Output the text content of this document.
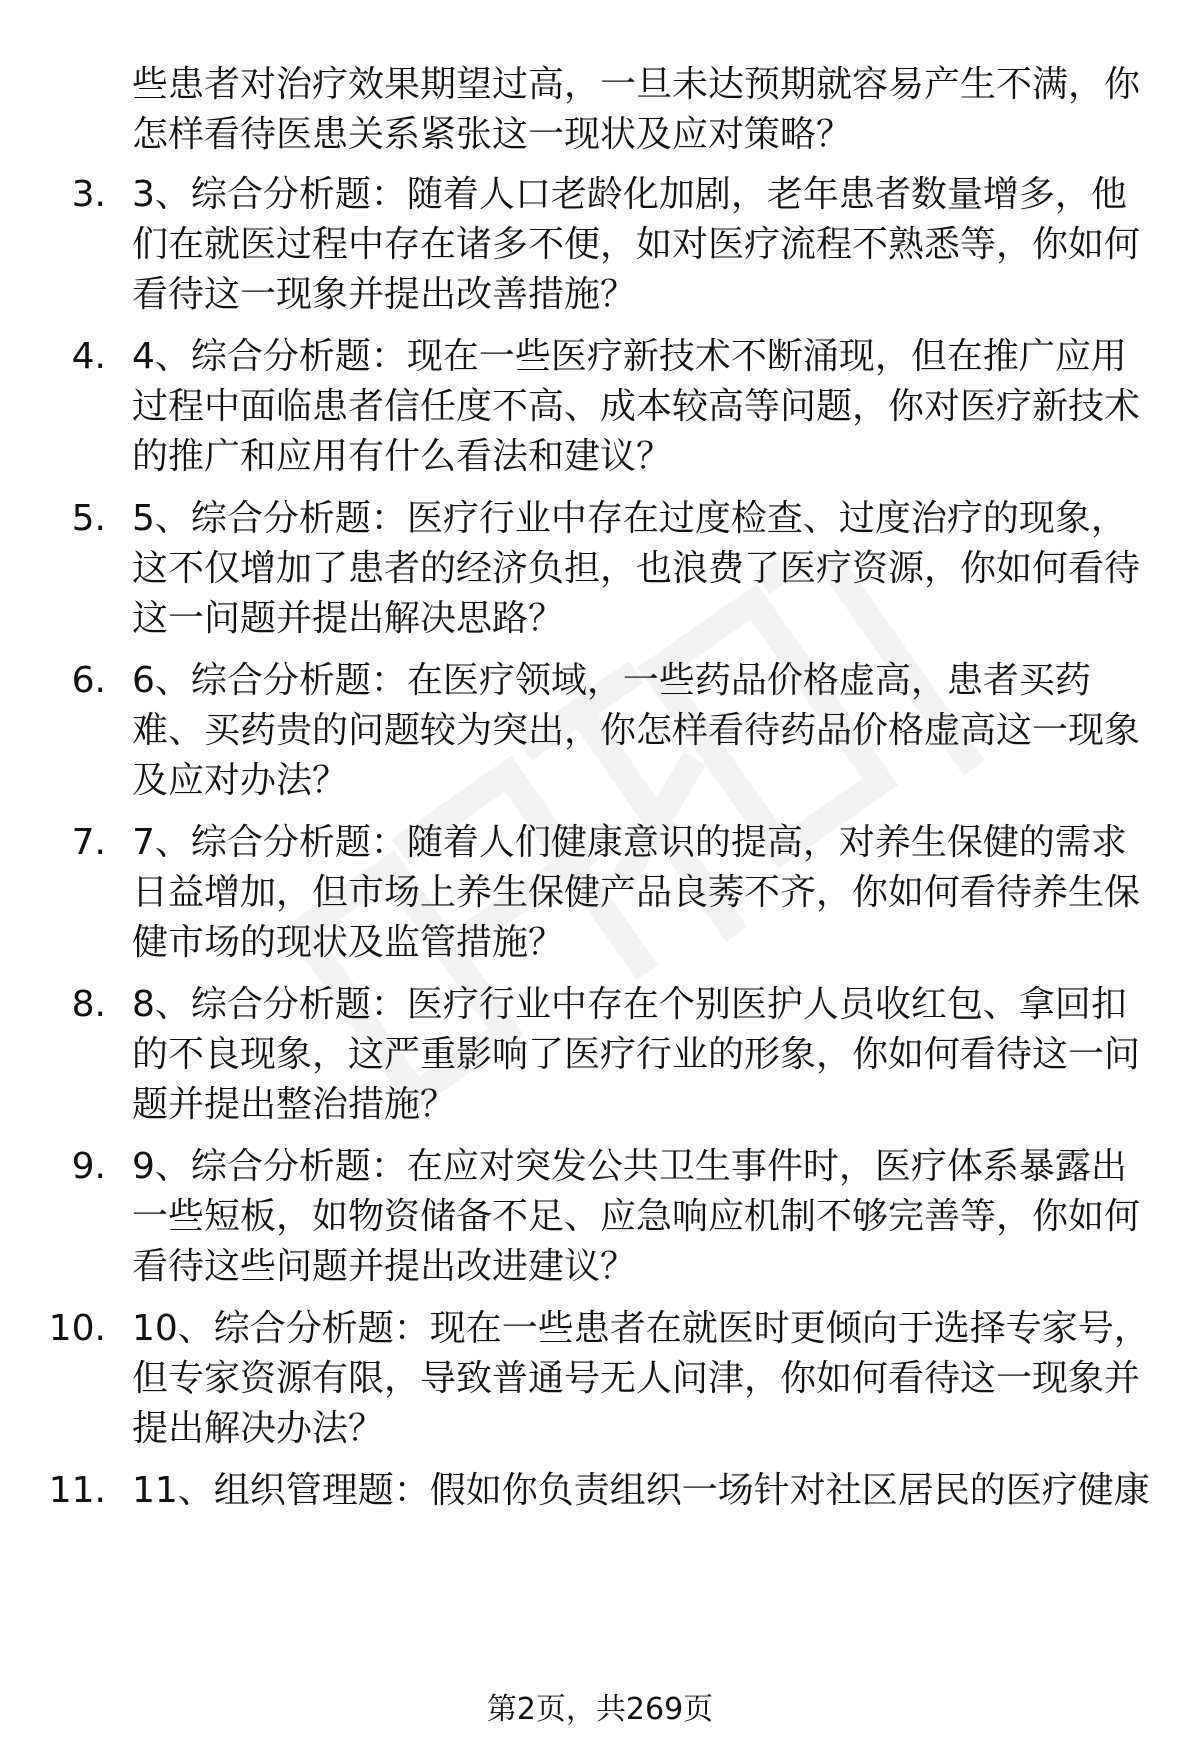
些患者对治疗效果期望过高，一旦未达预期就容易产生不满，你怎样看待医患关系紧张这一现状及应对策略？

3. 3、综合分析题：随着人口老龄化加剧，老年患者数量增多，他们在就医过程中存在诸多不便，如对医疗流程不熟悉等，你如何看待这一现象并提出改善措施？

4. 4、综合分析题：现在一些医疗新技术不断涌现，但在推广应用过程中面临患者信任度不高、成本较高等问题，你对医疗新技术的推广和应用有什么看法和建议？

5. 5、综合分析题：医疗行业中存在过度检查、过度治疗的现象，这不仅增加了患者的经济负担，也浪费了医疗资源，你如何看待这一问题并提出解决思路？

6. 6、综合分析题：在医疗领域，一些药品价格虚高，患者买药难、买药贵的问题较为突出，你怎样看待药品价格虚高这一现象及应对办法？

7. 7、综合分析题：随着人们健康意识的提高，对养生保健的需求日益增加，但市场上养生保健产品良莠不齐，你如何看待养生保健市场的现状及监管措施？

8. 8、综合分析题：医疗行业中存在个别医护人员收红包、拿回扣的不良现象，这严重影响了医疗行业的形象，你如何看待这一问题并提出整治措施？

9. 9、综合分析题：在应对突发公共卫生事件时，医疗体系暴露出一些短板，如物资储备不足、应急响应机制不够完善等，你如何看待这些问题并提出改进建议？

10. 10、综合分析题：现在一些患者在就医时更倾向于选择专家号，但专家资源有限，导致普通号无人问津，你如何看待这一现象并提出解决办法？

11. 11、组织管理题：假如你负责组织一场针对社区居民的医疗健康

第2页，共269页
